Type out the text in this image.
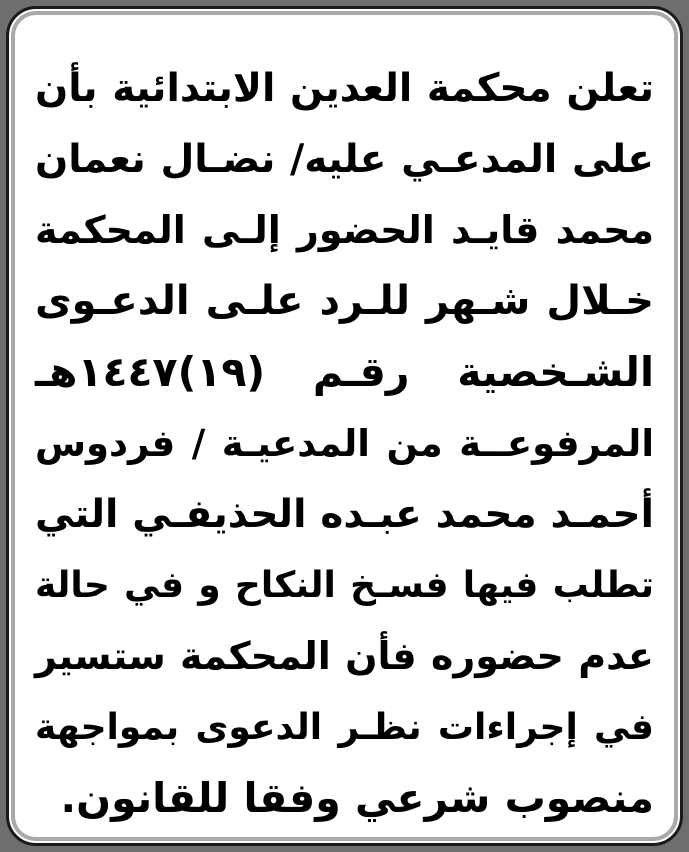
تعلن محكمة العدين الابتدائية بأن
على المدعـي عليه/ نضـال نعمان
محمد قايـد الحضور إلـى المحكمة
خـلال شـهر للـرد علـى الدعـوى
الشـخصية رقـم (١٩)١٤٤٧هـ
المرفوعــة من المدعيـة / فردوس
أحمـد محمد عبـده الحذيفـي التي
تطلب فيها فسـخ النكاح و في حالة
عدم حضوره فأن المحكمة ستسير
في إجراءات نظـر الدعوى بمواجهة
منصوب شرعي وفقا للقانون.
